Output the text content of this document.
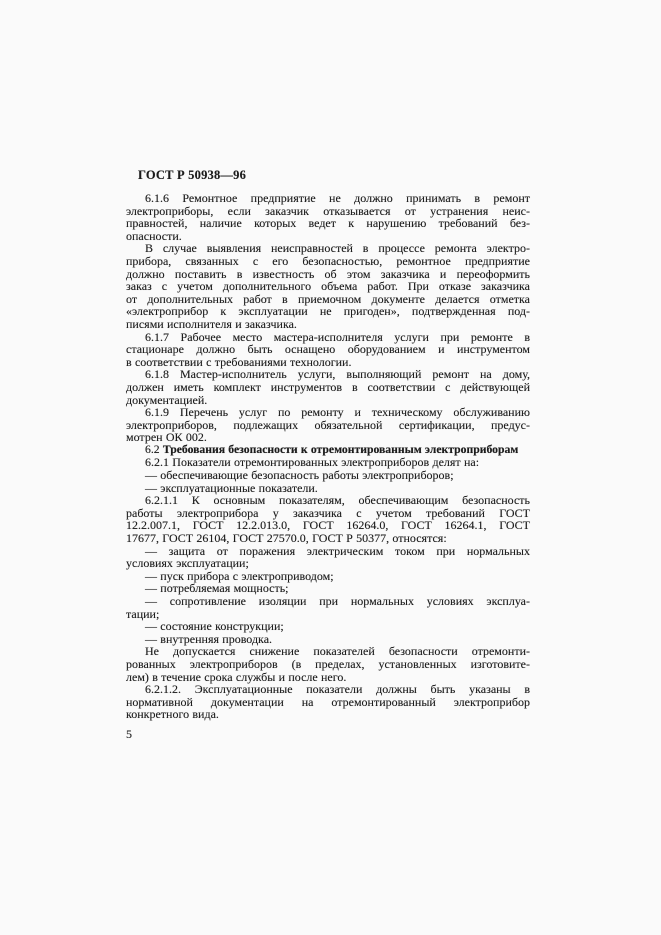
ГОСТ Р 50938—96
6.1.6 Ремонтное предприятие не должно принимать в ремонт
электроприборы, если заказчик отказывается от устранения неис-
правностей, наличие которых ведет к нарушению требований без-
опасности.
В случае выявления неисправностей в процессе ремонта электро-
прибора, связанных с его безопасностью, ремонтное предприятие
должно поставить в известность об этом заказчика и переоформить
заказ с учетом дополнительного объема работ. При отказе заказчика
от дополнительных работ в приемочном документе делается отметка
«электроприбор к эксплуатации не пригоден», подтвержденная под-
писями исполнителя и заказчика.
6.1.7 Рабочее место мастера-исполнителя услуги при ремонте в
стационаре должно быть оснащено оборудованием и инструментом
в соответствии с требованиями технологии.
6.1.8 Мастер-исполнитель услуги, выполняющий ремонт на дому,
должен иметь комплект инструментов в соответствии с действующей
документацией.
6.1.9 Перечень услуг по ремонту и техническому обслуживанию
электроприборов, подлежащих обязательной сертификации, предус-
мотрен ОК 002.
6.2 Требования безопасности к отремонтированным электроприборам
6.2.1 Показатели отремонтированных электроприборов делят на:
— обеспечивающие безопасность работы электроприборов;
— эксплуатационные показатели.
6.2.1.1 К основным показателям, обеспечивающим безопасность
работы электроприбора у заказчика с учетом требований ГОСТ
12.2.007.1, ГОСТ 12.2.013.0, ГОСТ 16264.0, ГОСТ 16264.1, ГОСТ
17677, ГОСТ 26104, ГОСТ 27570.0, ГОСТ Р 50377, относятся:
— защита от поражения электрическим током при нормальных
условиях эксплуатации;
— пуск прибора с электроприводом;
— потребляемая мощность;
— сопротивление изоляции при нормальных условиях эксплуа-
тации;
— состояние конструкции;
— внутренняя проводка.
Не допускается снижение показателей безопасности отремонти-
рованных электроприборов (в пределах, установленных изготовите-
лем) в течение срока службы и после него.
6.2.1.2. Эксплуатационные показатели должны быть указаны в
нормативной документации на отремонтированный электроприбор
конкретного вида.
5
